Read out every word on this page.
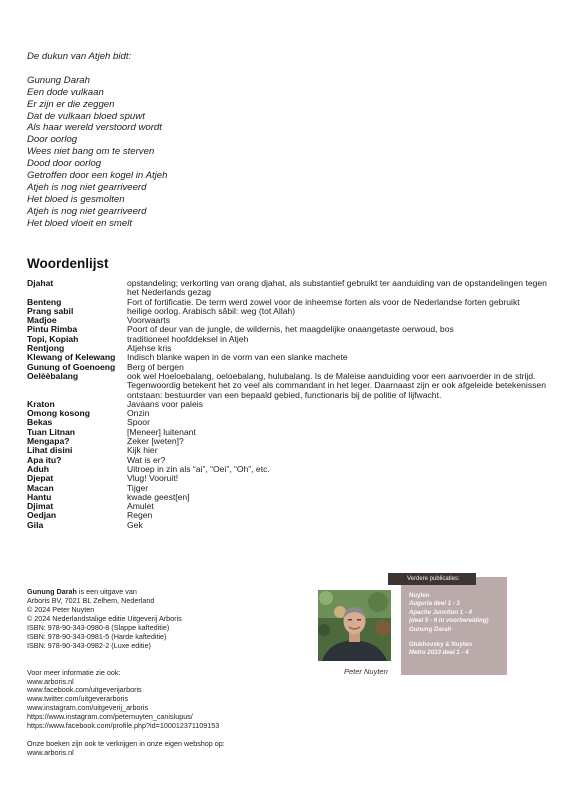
De dukun van Atjeh bidt:
Gunung Darah
Een dode vulkaan
Er zijn er die zeggen
Dat de vulkaan bloed spuwt
Als haar wereld verstoord wordt
Door oorlog
Wees niet bang om te sterven
Dood door oorlog
Getroffen door een kogel in Atjeh
Atjeh is nog niet gearriveerd
Het bloed is gesmolten
Atjeh is nog niet gearriveerd
Het bloed vloeit en smelt
Woordenlijst
Djahat	opstandeling; verkorting van orang djahat, als substantief gebruikt ter aanduiding van de opstandelingen tegen het Nederlands gezag
Benteng	Fort of fortificatie. De term werd zowel voor de inheemse forten als voor de Nederlandse forten gebruikt
Prang sabil	heilige oorlog. Arabisch sâbil: weg (tot Allah)
Madjoe	Voorwaarts
Pintu Rimba	Poort of deur van de jungle, de wildernis, het maagdelijke onaangetaste oerwoud, bos
Topi, Kopiah	traditioneel hoofddeksel in Atjeh
Rentjong	Atjehse kris
Klewang of Kelewang	Indisch blanke wapen in de vorm van een slanke machete
Gunung of Goenoeng	Berg of bergen
Oelèèbalang	ook wel Hoeloebalang, oeloebalang, hulubalang. Is de Maleise aanduiding voor een aanvoerder in de strijd. Tegenwoordig betekent het zo veel als commandant in het leger. Daarnaast zijn er ook afgeleide betekenissen ontstaan: bestuurder van een bepaald gebied, functionaris bij de politie of lijfwacht.
Kraton	Javaans voor paleis
Omong kosong	Onzin
Bekas	Spoor
Tuan Litnan	[Meneer] luitenant
Mengapa?	Zeker [weten]?
Lihat disini	Kijk hier
Apa itu?	Wat is er?
Aduh	Uitroep in zin als “ai”, “Oei”, “Oh”, etc.
Djepat	Vlug! Vooruit!
Macan	Tijger
Hantu	kwade geest[en]
Djimat	Amulet
Oedjan	Regen
Gila	Gek
Gunung Darah is een uitgave van
Arboris BV, 7021 BL Zelhem, Nederland
© 2024 Peter Nuyten
© 2024 Nederlandstalige editie Uitgeverij Arboris
ISBN: 978-90-343-0980-8 (Slappe kafteditie)
ISBN: 978-90-343-0981-5 (Harde kafteditie)
ISBN: 978-90-343-0982-2 (Luxe editie)
Voor meer informatie zie ook:
www.arboris.nl
www.facebook.com/uitgeverijarboris
www.twitter.com/uitgeverarboris
www.instagram.com/uitgeverij_arboris
https://www.instagram.com/peternuyten_canislupus/
https://www.facebook.com/profile.php?id=100012371109153
Onze boeken zijn ook te verkrijgen in onze eigen webshop op:
www.arboris.nl
Peter Nuyten
Nuyten
Auguria deel 1 - 3
Apache Junction 1 - 4
(deel 5 - 6 in voorbereiding)
Gunung Darah
Glukhovsky & Nuyten
Metro 2033 deel 1 - 4
Verdere publicaties:
